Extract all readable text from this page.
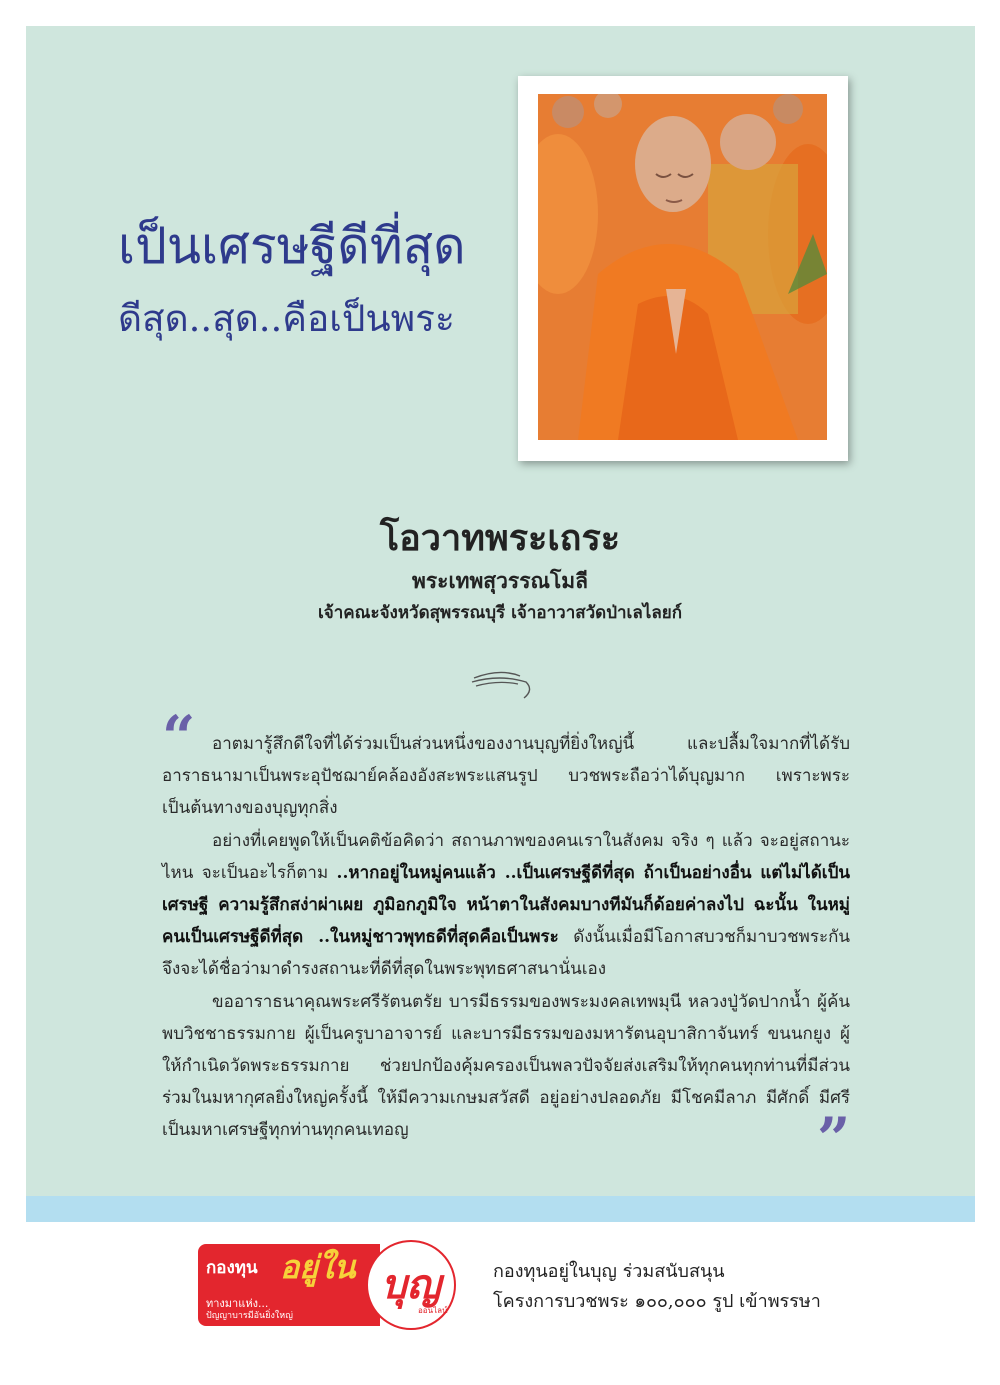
เป็นเศรษฐีดีที่สุด
ดีสุด..สุด..คือเป็นพระ
โอวาทพระเถระ
พระเทพสุวรรณโมลี
เจ้าคณะจังหวัดสุพรรณบุรี เจ้าอาวาสวัดป่าเลไลยก์
“ อาตมารู้สึกดีใจที่ได้ร่วมเป็นส่วนหนึ่งของงานบุญที่ยิ่งใหญ่นี้ และปลื้มใจมากที่ได้รับอาราธนามาเป็นพระอุปัชฌาย์คล้องอังสะพระแสนรูป บวชพระถือว่าได้บุญมาก เพราะพระเป็นต้นทางของบุญทุกสิ่ง

อย่างที่เคยพูดให้เป็นคติข้อคิดว่า สถานภาพของคนเราในสังคม จริง ๆ แล้ว จะอยู่สถานะไหน จะเป็นอะไรก็ตาม ..หากอยู่ในหมู่คนแล้ว ..เป็นเศรษฐีดีที่สุด ถ้าเป็นอย่างอื่น แต่ไม่ได้เป็นเศรษฐี ความรู้สึกสง่าผ่าเผย ภูมิอกภูมิใจ หน้าตาในสังคมบางทีมันก็ด้อยค่าลงไป ฉะนั้น ในหมู่คนเป็นเศรษฐีดีที่สุด ..ในหมู่ชาวพุทธดีที่สุดคือเป็นพระ ดังนั้นเมื่อมีโอกาสบวชก็มาบวชพระกัน จึงจะได้ชื่อว่ามาดำรงสถานะที่ดีที่สุดในพระพุทธศาสนานั่นเอง

ขออาราธนาคุณพระศรีรัตนตรัย บารมีธรรมของพระมงคลเทพมุนี หลวงปู่วัดปากน้ำ ผู้ค้นพบวิชชาธรรมกาย ผู้เป็นครูบาอาจารย์ และบารมีธรรมของมหารัตนอุบาสิกาจันทร์ ขนนกยูง ผู้ให้กำเนิดวัดพระธรรมกาย ช่วยปกป้องคุ้มครองเป็นพลวปัจจัยส่งเสริมให้ทุกคนทุกท่านที่มีส่วนร่วมในมหากุศลยิ่งใหญ่ครั้งนี้ ให้มีความเกษมสวัสดี อยู่อย่างปลอดภัย มีโชคมีลาภ มีศักดิ์ มีศรี เป็นมหาเศรษฐีทุกท่านทุกคนเทอญ	”
กองทุน อยู่ใน
ทางมาแห่ง...
ปัญญาบารมีอันยิ่งใหญ่
บุญ
ออนไลน์
กองทุนอยู่ในบุญ ร่วมสนับสนุน
โครงการบวชพระ ๑๐๐,๐๐๐ รูป เข้าพรรษา
